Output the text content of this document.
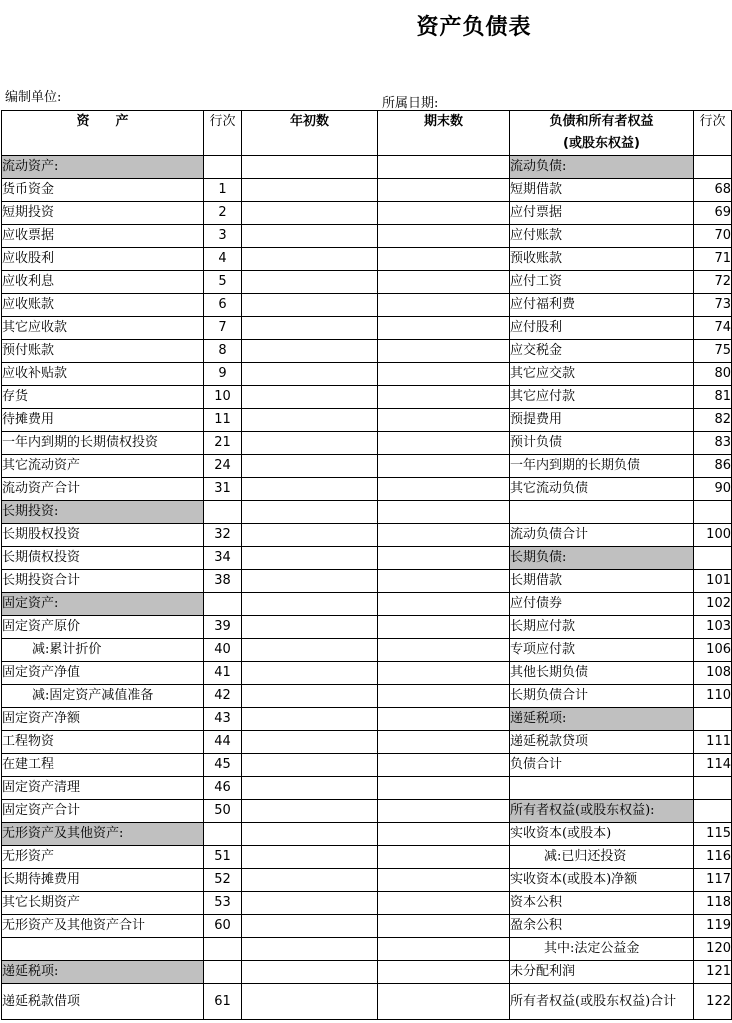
资产负债表
编制单位:	所属日期:
资　　产	行次	年初数	期末数	负债和所有者权益
(或股东权益)	行次
流动资产:				流动负债:	
货币资金	1			短期借款	68
短期投资	2			应付票据	69
应收票据	3			应付账款	70
应收股利	4			预收账款	71
应收利息	5			应付工资	72
应收账款	6			应付福利费	73
其它应收款	7			应付股利	74
预付账款	8			应交税金	75
应收补贴款	9			其它应交款	80
存货	10			其它应付款	81
待摊费用	11			预提费用	82
一年内到期的长期债权投资	21			预计负债	83
其它流动资产	24			一年内到期的长期负债	86
流动资产合计	31			其它流动负债	90
长期投资:					
长期股权投资	32			流动负债合计	100
长期债权投资	34			长期负债:	
长期投资合计	38			长期借款	101
固定资产:				应付债券	102
固定资产原价	39			长期应付款	103
减:累计折价	40			专项应付款	106
固定资产净值	41			其他长期负债	108
减:固定资产减值准备	42			长期负债合计	110
固定资产净额	43			递延税项:	
工程物资	44			递延税款贷项	111
在建工程	45			负债合计	114
固定资产清理	46				
固定资产合计	50			所有者权益(或股东权益):	
无形资产及其他资产:				实收资本(或股本)	115
无形资产	51			减:已归还投资	116
长期待摊费用	52			实收资本(或股本)净额	117
其它长期资产	53			资本公积	118
无形资产及其他资产合计	60			盈余公积	119
				其中:法定公益金	120
递延税项:				未分配利润	121
递延税款借项	61			所有者权益(或股东权益)合计	122
